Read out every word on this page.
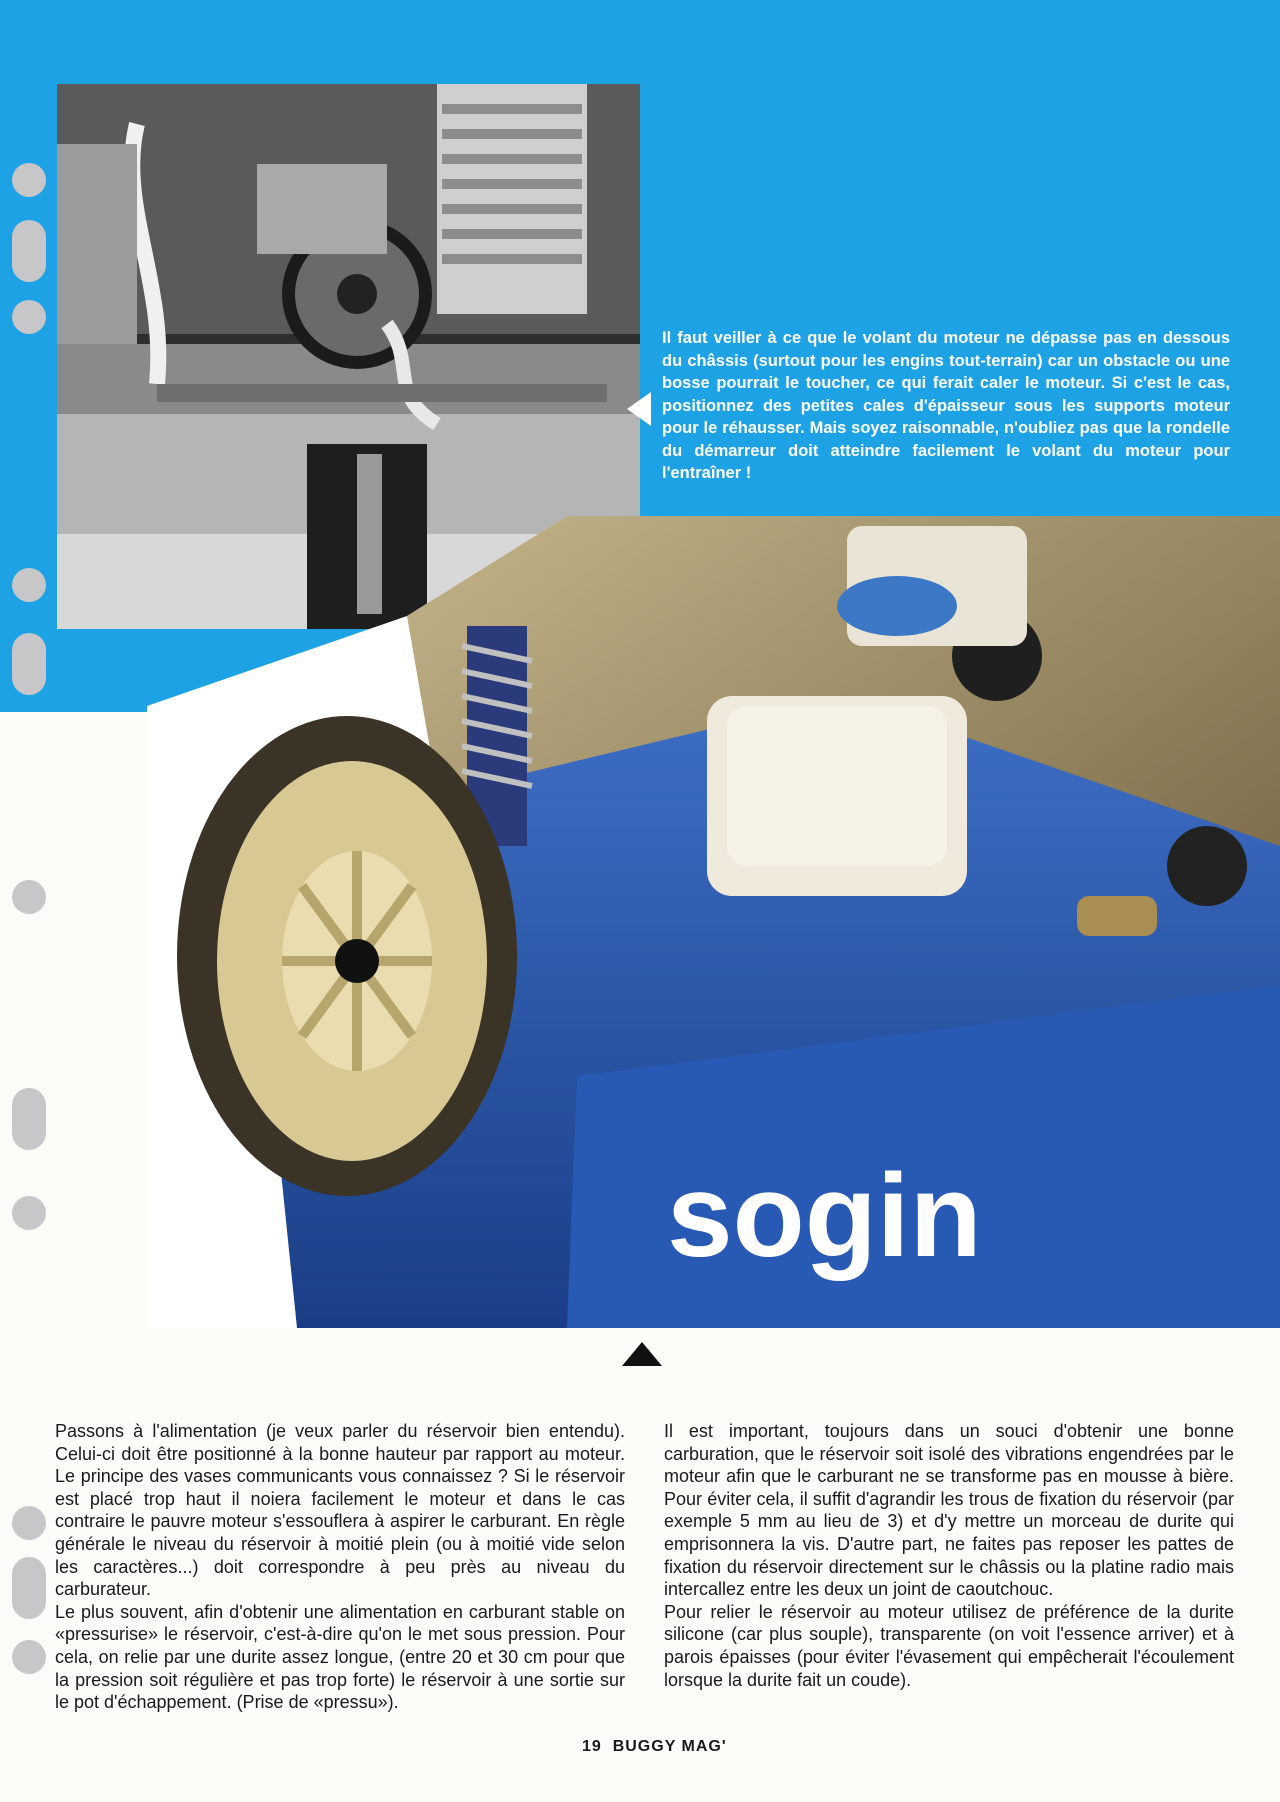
Il faut veiller à ce que le volant du moteur ne dépasse pas en dessous du châssis (surtout pour les engins tout-terrain) car un obstacle ou une bosse pourrait le toucher, ce qui ferait caler le moteur. Si c'est le cas, positionnez des petites cales d'épaisseur sous les supports moteur pour le réhausser. Mais soyez raisonnable, n'oubliez pas que la rondelle du démarreur doit atteindre facilement le volant du moteur pour l'entraîner !
sogin

Passons à l'alimentation (je veux parler du réservoir bien entendu). Celui-ci doit être positionné à la bonne hauteur par rapport au moteur. Le principe des vases communicants vous connaissez ? Si le réservoir est placé trop haut il noiera facilement le moteur et dans le cas contraire le pauvre moteur s'essouflera à aspirer le carburant. En règle générale le niveau du réservoir à moitié plein (ou à moitié vide selon les caractères...) doit correspondre à peu près au niveau du carburateur.

Le plus souvent, afin d'obtenir une alimentation en carburant stable on «pressurise» le réservoir, c'est-à-dire qu'on le met sous pression. Pour cela, on relie par une durite assez longue, (entre 20 et 30 cm pour que la pression soit régulière et pas trop forte) le réservoir à une sortie sur le pot d'échappement. (Prise de «pressu»).

Il est important, toujours dans un souci d'obtenir une bonne carburation, que le réservoir soit isolé des vibrations engendrées par le moteur afin que le carburant ne se transforme pas en mousse à bière. Pour éviter cela, il suffit d'agrandir les trous de fixation du réservoir (par exemple 5 mm au lieu de 3) et d'y mettre un morceau de durite qui emprisonnera la vis. D'autre part, ne faites pas reposer les pattes de fixation du réservoir directement sur le châssis ou la platine radio mais intercallez entre les deux un joint de caoutchouc.

Pour relier le réservoir au moteur utilisez de préférence de la durite silicone (car plus souple), transparente (on voit l'essence arriver) et à parois épaisses (pour éviter l'évasement qui empêcherait l'écoulement lorsque la durite fait un coude).

19 BUGGY MAG'
